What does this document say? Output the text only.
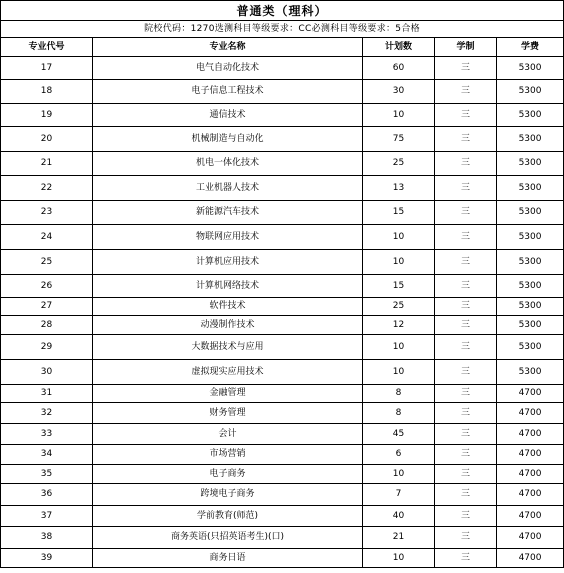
普通类（理科）				
院校代码：1270选测科目等级要求：CC必测科目等级要求：5合格				
专业代号	专业名称	计划数	学制	学费
17	电气自动化技术	60	三	5300
18	电子信息工程技术	30	三	5300
19	通信技术	10	三	5300
20	机械制造与自动化	75	三	5300
21	机电一体化技术	25	三	5300
22	工业机器人技术	13	三	5300
23	新能源汽车技术	15	三	5300
24	物联网应用技术	10	三	5300
25	计算机应用技术	10	三	5300
26	计算机网络技术	15	三	5300
27	软件技术	25	三	5300
28	动漫制作技术	12	三	5300
29	大数据技术与应用	10	三	5300
30	虚拟现实应用技术	10	三	5300
31	金融管理	8	三	4700
32	财务管理	8	三	4700
33	会计	45	三	4700
34	市场营销	6	三	4700
35	电子商务	10	三	4700
36	跨境电子商务	7	三	4700
37	学前教育(师范)	40	三	4700
38	商务英语(只招英语考生)(口)	21	三	4700
39	商务日语	10	三	4700
